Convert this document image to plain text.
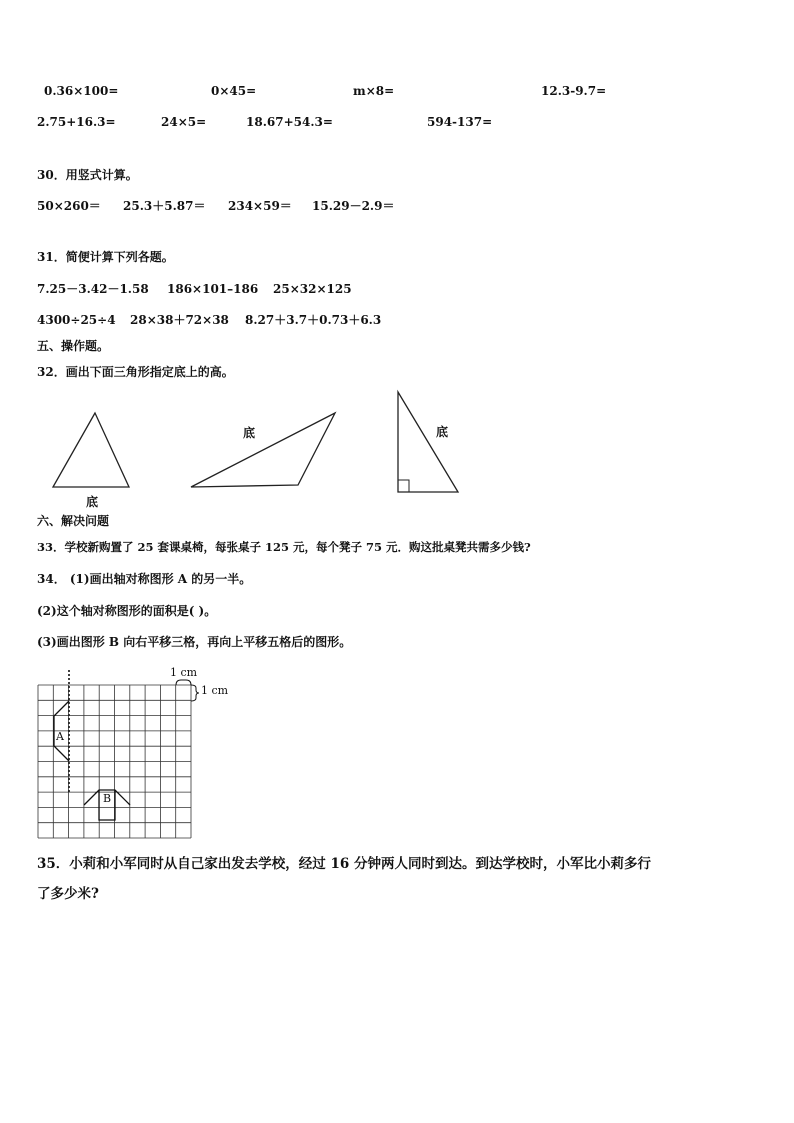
0.36×100=	0×45=	m×8=	12.3-9.7=
2.75+16.3=	24×5=	18.67+54.3=	594-137=
30．用竖式计算。
50×260＝ 25.3＋5.87＝ 234×59＝ 15.29－2.9＝
31．简便计算下列各题。
7.25－3.42－1.58 186×101–186 25×32×125
4300÷25÷4 28×38＋72×38 8.27＋3.7＋0.73＋6.3
五、操作题。
32．画出下面三角形指定底上的高。
底
底	底
六、解决问题
33．学校新购置了 25 套课桌椅，每张桌子 125 元，每个凳子 75 元．购这批桌凳共需多少钱?
34． (1)画出轴对称图形 A 的另一半。
(2)这个轴对称图形的面积是( )。
(3)画出图形 B 向右平移三格，再向上平移五格后的图形。
A
B
1 cm
1 cm
35．小莉和小军同时从自己家出发去学校，经过 16 分钟两人同时到达。到达学校时，小军比小莉多行
了多少米?
